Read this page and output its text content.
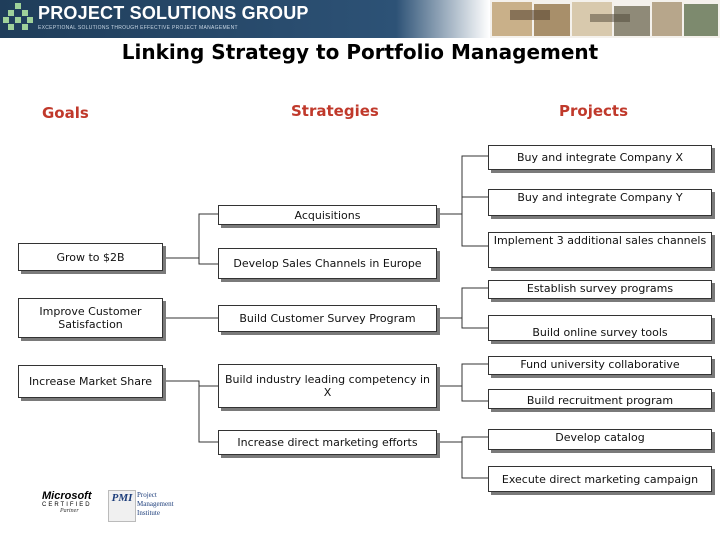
PROJECT SOLUTIONS GROUP
EXCEPTIONAL SOLUTIONS THROUGH EFFECTIVE PROJECT MANAGEMENT
Linking Strategy to Portfolio Management
Goals	Strategies	Projects
Grow to $2B
Improve Customer Satisfaction
Increase Market Share
Acquisitions
Develop Sales Channels in Europe
Build Customer Survey Program
Build industry leading competency in X
Increase direct marketing efforts
Buy and integrate Company X
Buy and integrate Company Y
Implement 3 additional sales channels
Establish survey programs
Build online survey tools
Fund university collaborative
Build recruitment program
Develop catalog
Execute direct marketing campaign
Microsoft
CERTIFIED
Partner
PMI Project Management Institute
